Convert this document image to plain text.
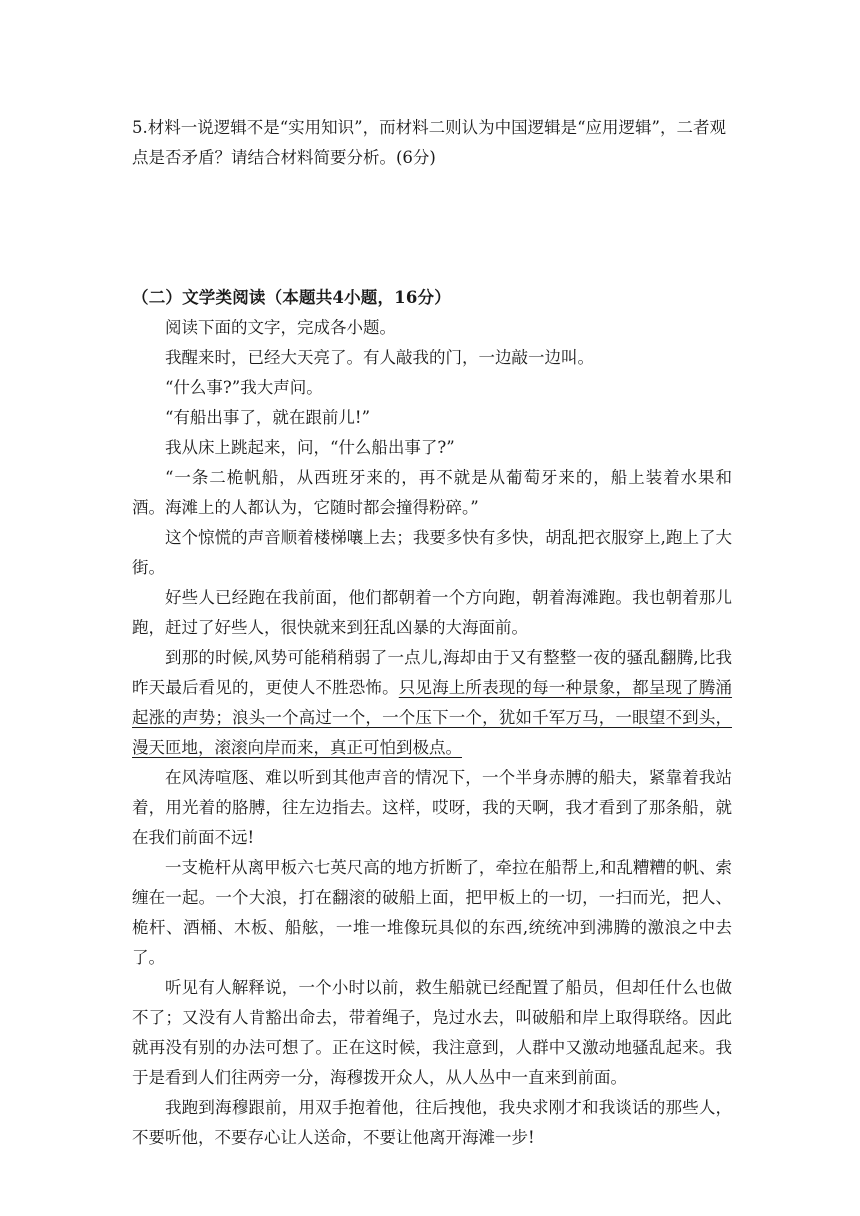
5.材料一说逻辑不是“实用知识”，而材料二则认为中国逻辑是“应用逻辑”，二者观点是否矛盾？请结合材料简要分析。(6分)
（二）文学类阅读（本题共4小题，16分）

阅读下面的文字，完成各小题。

我醒来时，已经大天亮了。有人敲我的门，一边敲一边叫。

“什么事?”我大声问。

“有船出事了，就在跟前儿!”

我从床上跳起来，问，“什么船出事了?”

“一条二桅帆船，从西班牙来的，再不就是从葡萄牙来的，船上装着水果和酒。海滩上的人都认为，它随时都会撞得粉碎。”

这个惊慌的声音顺着楼梯嚷上去；我要多快有多快，胡乱把衣服穿上,跑上了大街。

好些人已经跑在我前面，他们都朝着一个方向跑，朝着海滩跑。我也朝着那儿跑，赶过了好些人，很快就来到狂乱凶暴的大海面前。

到那的时候,风势可能稍稍弱了一点儿,海却由于又有整整一夜的骚乱翻腾,比我昨天最后看见的，更使人不胜恐怖。只见海上所表现的每一种景象，都呈现了腾涌起涨的声势；浪头一个高过一个，一个压下一个，犹如千军万马，一眼望不到头，漫天匝地，滚滚向岸而来，真正可怕到极点。

在风涛喧豗、难以听到其他声音的情况下，一个半身赤膊的船夫，紧靠着我站着，用光着的胳膊，往左边指去。这样，哎呀，我的天啊，我才看到了那条船，就在我们前面不远!

一支桅杆从离甲板六七英尺高的地方折断了，牵拉在船帮上,和乱糟糟的帆、索缠在一起。一个大浪，打在翻滚的破船上面，把甲板上的一切，一扫而光，把人、桅杆、酒桶、木板、船舷，一堆一堆像玩具似的东西,统统冲到沸腾的激浪之中去了。

听见有人解释说，一个小时以前，救生船就已经配置了船员，但却任什么也做不了；又没有人肯豁出命去，带着绳子，凫过水去，叫破船和岸上取得联络。因此就再没有别的办法可想了。正在这时候，我注意到，人群中又激动地骚乱起来。我于是看到人们往两旁一分，海穆拨开众人，从人丛中一直来到前面。

我跑到海穆跟前，用双手抱着他，往后拽他，我央求刚才和我谈话的那些人，不要听他，不要存心让人送命，不要让他离开海滩一步!
